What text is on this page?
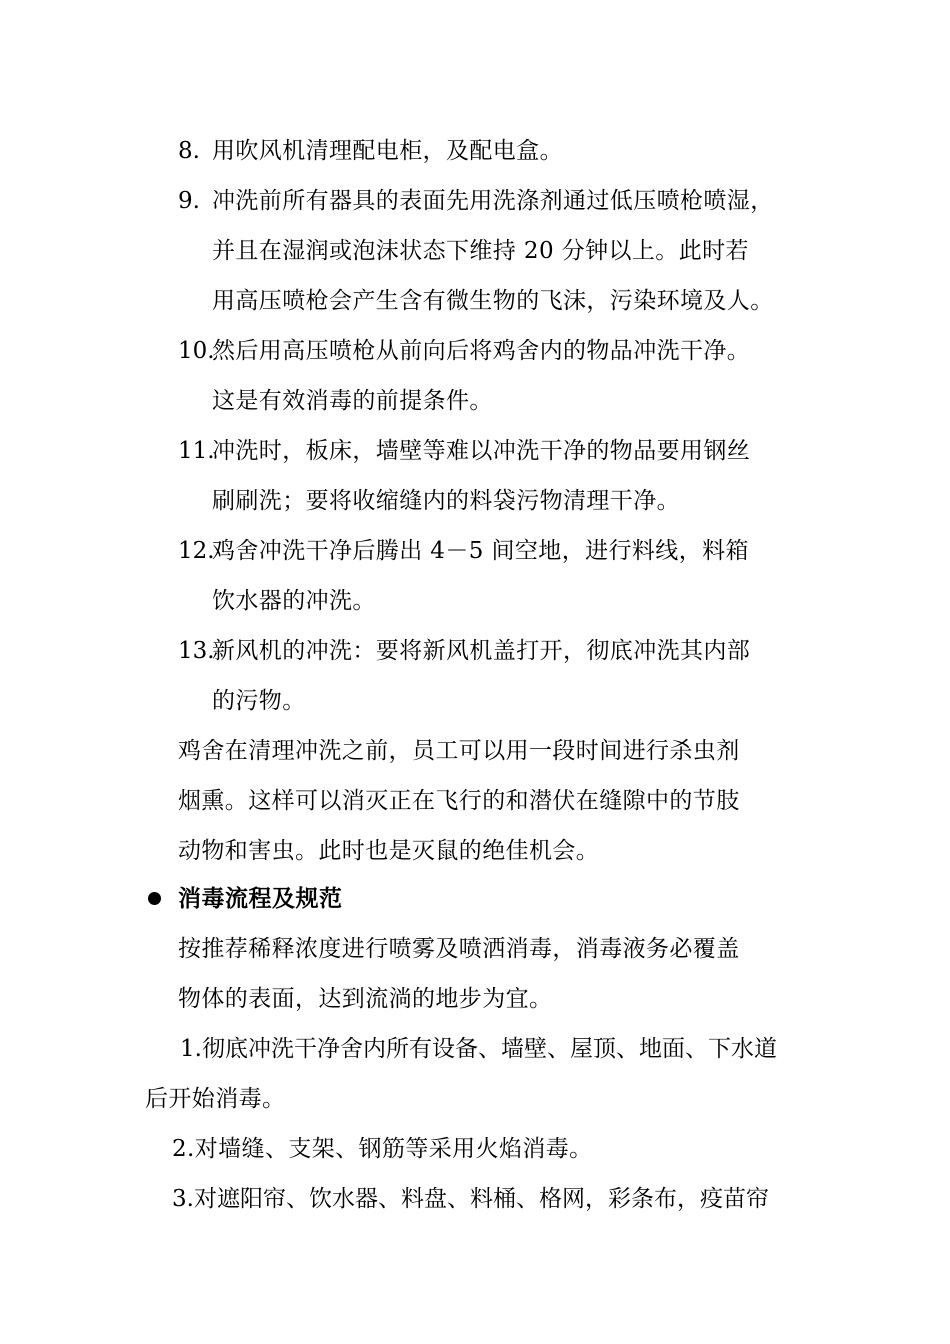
8. 用吹风机清理配电柜，及配电盒。
9. 冲洗前所有器具的表面先用洗涤剂通过低压喷枪喷湿，
并且在湿润或泡沫状态下维持 20 分钟以上。此时若
用高压喷枪会产生含有微生物的飞沫，污染环境及人。
10.
然后用高压喷枪从前向后将鸡舍内的物品冲洗干净。
这是有效消毒的前提条件。
11.
冲洗时，板床，墙壁等难以冲洗干净的物品要用钢丝
刷刷洗；要将收缩缝内的料袋污物清理干净。
12.
鸡舍冲洗干净后腾出 4－5 间空地，进行料线，料箱
饮水器的冲洗。
13.
新风机的冲洗：要将新风机盖打开，彻底冲洗其内部
的污物。
鸡舍在清理冲洗之前，员工可以用一段时间进行杀虫剂
烟熏。这样可以消灭正在飞行的和潜伏在缝隙中的节肢
动物和害虫。此时也是灭鼠的绝佳机会。
消毒流程及规范
按推荐稀释浓度进行喷雾及喷洒消毒，消毒液务必覆盖
物体的表面，达到流淌的地步为宜。
1.彻底冲洗干净舍内所有设备、墙壁、屋顶、地面、下水道
后开始消毒。
2.对墙缝、支架、钢筋等采用火焰消毒。
3.对遮阳帘、饮水器、料盘、料桶、格网，彩条布，疫苗帘
